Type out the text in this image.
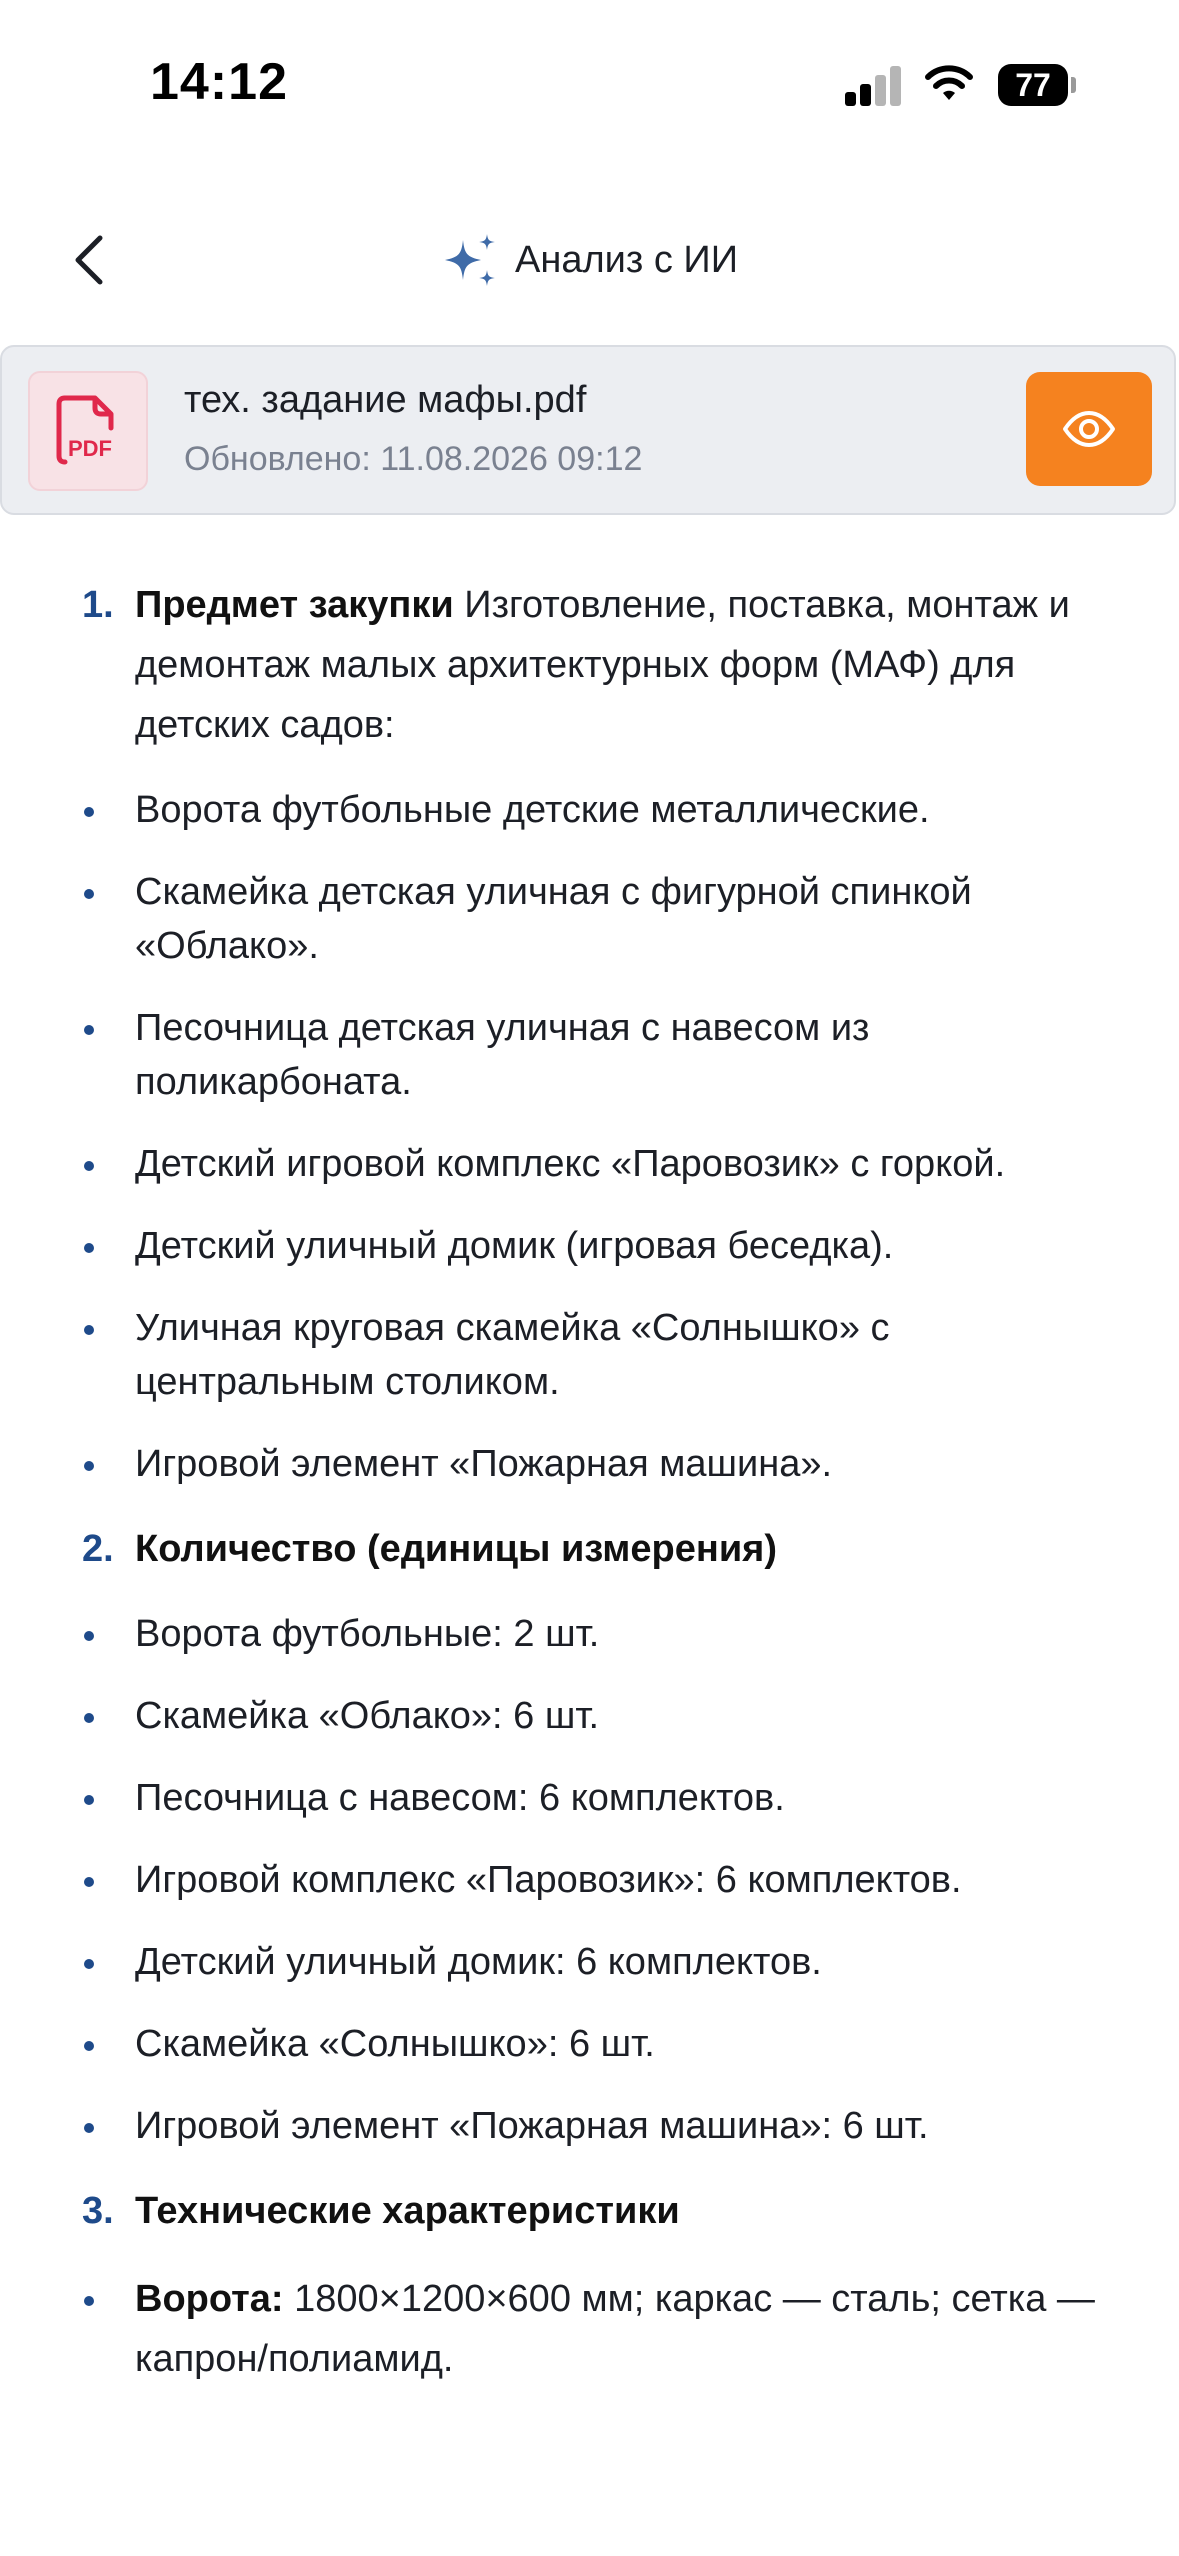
14:12	77
Анализ с ИИ
PDF
тех. задание мафы.pdf
Обновлено: 11.08.2026 09:12
1. Предмет закупки Изготовление, поставка, монтаж и демонтаж малых архитектурных форм (МАФ) для детских садов:
Ворота футбольные детские металлические.
Скамейка детская уличная с фигурной спинкой «Облако».
Песочница детская уличная с навесом из поликарбоната.
Детский игровой комплекс «Паровозик» с горкой.
Детский уличный домик (игровая беседка).
Уличная круговая скамейка «Солнышко» с центральным столиком.
Игровой элемент «Пожарная машина».
2. Количество (единицы измерения)
Ворота футбольные: 2 шт.
Скамейка «Облако»: 6 шт.
Песочница с навесом: 6 комплектов.
Игровой комплекс «Паровозик»: 6 комплектов.
Детский уличный домик: 6 комплектов.
Скамейка «Солнышко»: 6 шт.
Игровой элемент «Пожарная машина»: 6 шт.
3. Технические характеристики
Ворота: 1800×1200×600 мм; каркас — сталь; сетка — капрон/полиамид.
